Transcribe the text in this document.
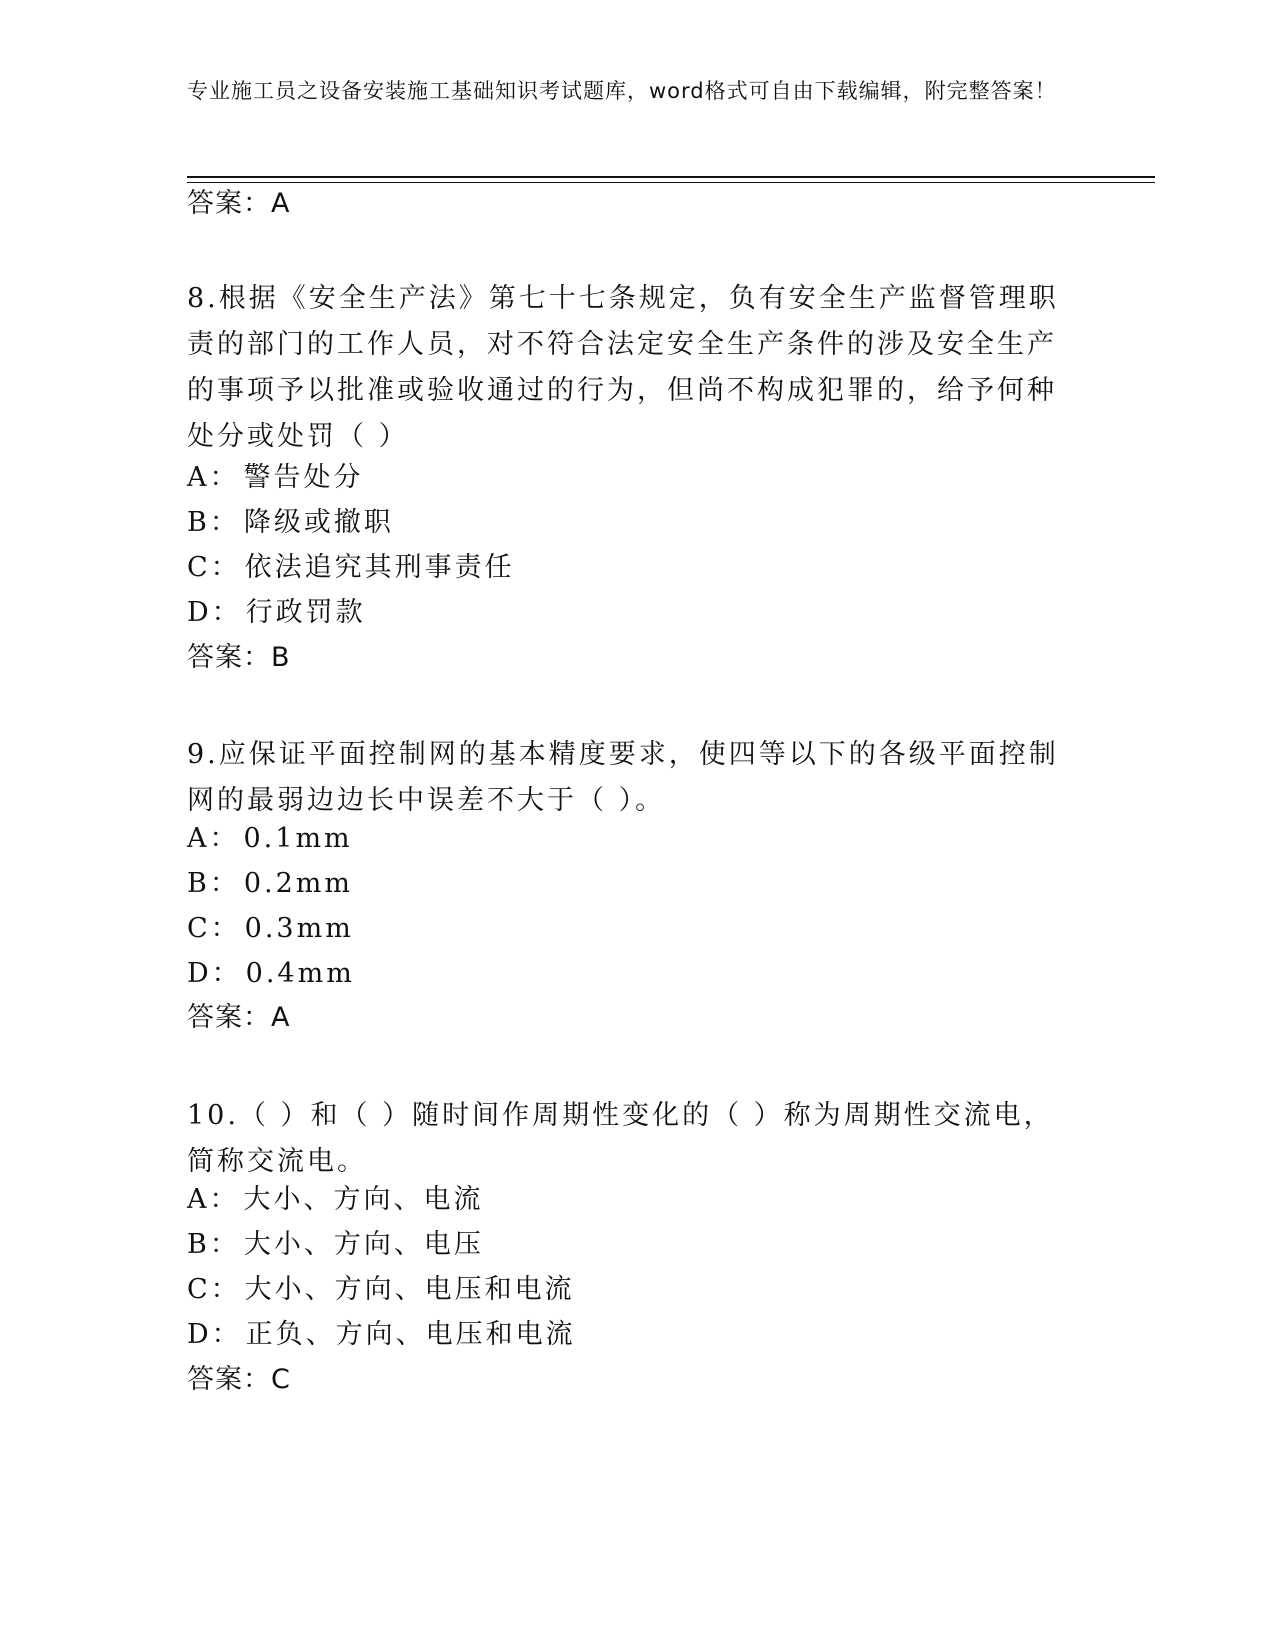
专业施工员之设备安装施工基础知识考试题库，word格式可自由下载编辑，附完整答案！
答案：A
8.根据《安全生产法》第七十七条规定，负有安全生产监督管理职责的部门的工作人员，对不符合法定安全生产条件的涉及安全生产的事项予以批准或验收通过的行为，但尚不构成犯罪的，给予何种处分或处罚（ ）
A： 警告处分
B： 降级或撤职
C： 依法追究其刑事责任
D： 行政罚款
答案：B
9.应保证平面控制网的基本精度要求，使四等以下的各级平面控制网的最弱边边长中误差不大于（ ）。
A： 0.1mm
B： 0.2mm
C： 0.3mm
D： 0.4mm
答案：A
10.（ ）和（ ）随时间作周期性变化的（ ）称为周期性交流电，简称交流电。
A： 大小、方向、电流
B： 大小、方向、电压
C： 大小、方向、电压和电流
D： 正负、方向、电压和电流
答案：C
